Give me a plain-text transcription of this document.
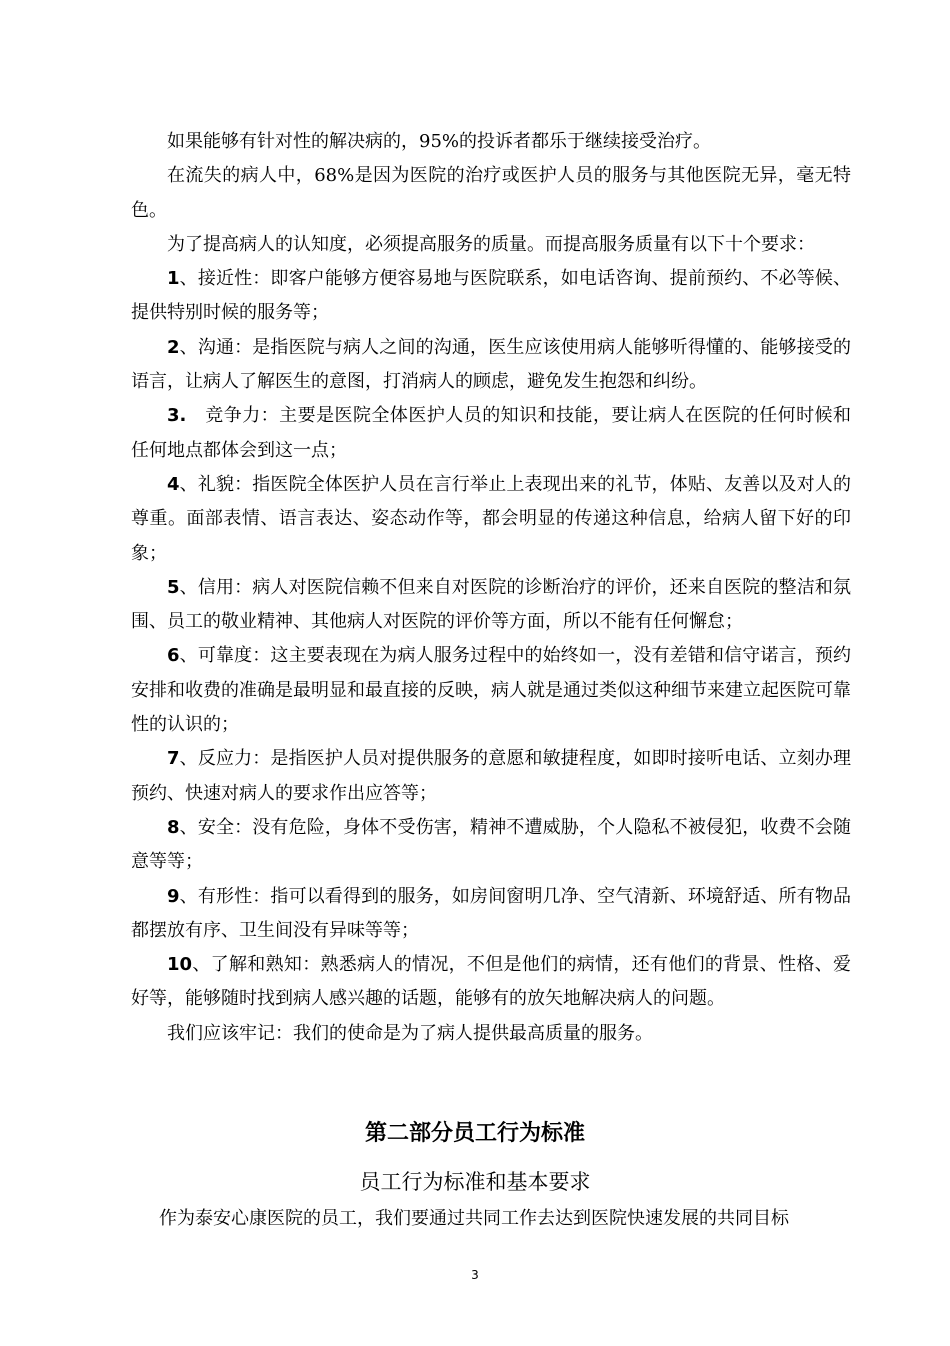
如果能够有针对性的解决病的，95%的投诉者都乐于继续接受治疗。

在流失的病人中，68%是因为医院的治疗或医护人员的服务与其他医院无异，毫无特色。

为了提高病人的认知度，必须提高服务的质量。而提高服务质量有以下十个要求：

1、接近性：即客户能够方便容易地与医院联系，如电话咨询、提前预约、不必等候、提供特别时候的服务等；

2、沟通：是指医院与病人之间的沟通，医生应该使用病人能够听得懂的、能够接受的语言，让病人了解医生的意图，打消病人的顾虑，避免发生抱怨和纠纷。

3.　竞争力：主要是医院全体医护人员的知识和技能，要让病人在医院的任何时候和任何地点都体会到这一点；

4、礼貌：指医院全体医护人员在言行举止上表现出来的礼节，体贴、友善以及对人的尊重。面部表情、语言表达、姿态动作等，都会明显的传递这种信息，给病人留下好的印象；

5、信用：病人对医院信赖不但来自对医院的诊断治疗的评价，还来自医院的整洁和氛围、员工的敬业精神、其他病人对医院的评价等方面，所以不能有任何懈怠；

6、可靠度：这主要表现在为病人服务过程中的始终如一，没有差错和信守诺言，预约安排和收费的准确是最明显和最直接的反映，病人就是通过类似这种细节来建立起医院可靠性的认识的；

7、反应力：是指医护人员对提供服务的意愿和敏捷程度，如即时接听电话、立刻办理预约、快速对病人的要求作出应答等；

8、安全：没有危险，身体不受伤害，精神不遭威胁，个人隐私不被侵犯，收费不会随意等等；

9、有形性：指可以看得到的服务，如房间窗明几净、空气清新、环境舒适、所有物品都摆放有序、卫生间没有异味等等；

10、了解和熟知：熟悉病人的情况，不但是他们的病情，还有他们的背景、性格、爱好等，能够随时找到病人感兴趣的话题，能够有的放矢地解决病人的问题。

我们应该牢记：我们的使命是为了病人提供最高质量的服务。

第二部分员工行为标准
员工行为标准和基本要求
作为泰安心康医院的员工，我们要通过共同工作去达到医院快速发展的共同目标
3
